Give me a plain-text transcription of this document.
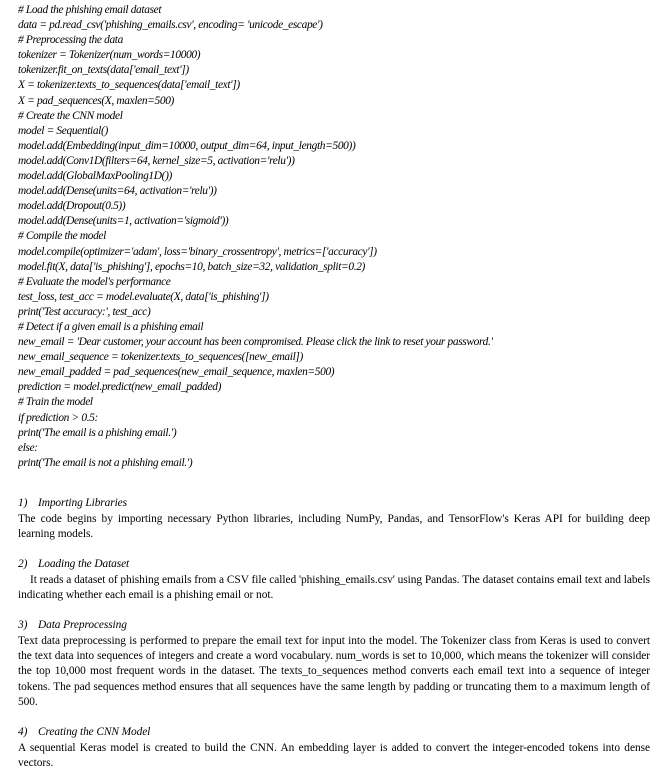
# Load the phishing email dataset
data = pd.read_csv('phishing_emails.csv', encoding= 'unicode_escape')
# Preprocessing the data
tokenizer = Tokenizer(num_words=10000)
tokenizer.fit_on_texts(data['email_text'])
X = tokenizer.texts_to_sequences(data['email_text'])
X = pad_sequences(X, maxlen=500)
# Create the CNN model
model = Sequential()
model.add(Embedding(input_dim=10000, output_dim=64, input_length=500))
model.add(Conv1D(filters=64, kernel_size=5, activation='relu'))
model.add(GlobalMaxPooling1D())
model.add(Dense(units=64, activation='relu'))
model.add(Dropout(0.5))
model.add(Dense(units=1, activation='sigmoid'))
# Compile the model
model.compile(optimizer='adam', loss='binary_crossentropy', metrics=['accuracy'])
model.fit(X, data['is_phishing'], epochs=10, batch_size=32, validation_split=0.2)
# Evaluate the model's performance
test_loss, test_acc = model.evaluate(X, data['is_phishing'])
print('Test accuracy:', test_acc)
# Detect if a given email is a phishing email
new_email = 'Dear customer, your account has been compromised. Please click the link to reset your password.'
new_email_sequence = tokenizer.texts_to_sequences([new_email])
new_email_padded = pad_sequences(new_email_sequence, maxlen=500)
prediction = model.predict(new_email_padded)
# Train the model
if prediction > 0.5:
print('The email is a phishing email.')
else:
print('The email is not a phishing email.')
1) Importing Libraries

The code begins by importing necessary Python libraries, including NumPy, Pandas, and TensorFlow's Keras API for building deep learning models.

2) Loading the Dataset

It reads a dataset of phishing emails from a CSV file called 'phishing_emails.csv' using Pandas. The dataset contains email text and labels indicating whether each email is a phishing email or not.

3) Data Preprocessing

Text data preprocessing is performed to prepare the email text for input into the model. The Tokenizer class from Keras is used to convert the text data into sequences of integers and create a word vocabulary. num_words is set to 10,000, which means the tokenizer will consider the top 10,000 most frequent words in the dataset. The texts_to_sequences method converts each email text into a sequence of integer tokens. The pad sequences method ensures that all sequences have the same length by padding or truncating them to a maximum length of 500.

4) Creating the CNN Model

A sequential Keras model is created to build the CNN. An embedding layer is added to convert the integer-encoded tokens into dense vectors.
